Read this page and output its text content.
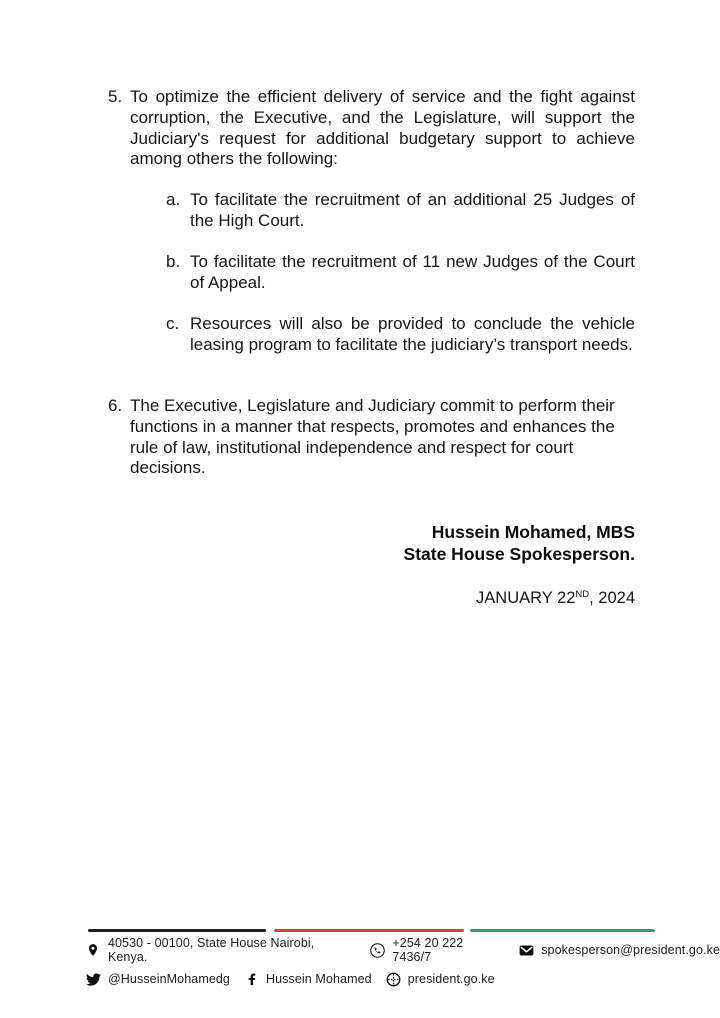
5. To optimize the efficient delivery of service and the fight against corruption, the Executive, and the Legislature, will support the Judiciary's request for additional budgetary support to achieve among others the following:

a. To facilitate the recruitment of an additional 25 Judges of the High Court.

b. To facilitate the recruitment of 11 new Judges of the Court of Appeal.

c. Resources will also be provided to conclude the vehicle leasing program to facilitate the judiciary’s transport needs.

6. The Executive, Legislature and Judiciary commit to perform their functions in a manner that respects, promotes and enhances the rule of law, institutional independence and respect for court decisions.

Hussein Mohamed, MBS
State House Spokesperson.
JANUARY 22ND, 2024
40530 - 00100, State House Nairobi, Kenya.
+254 20 222 7436/7	spokesperson@president.go.ke
@HusseinMohamedg	Hussein Mohamed	president.go.ke
